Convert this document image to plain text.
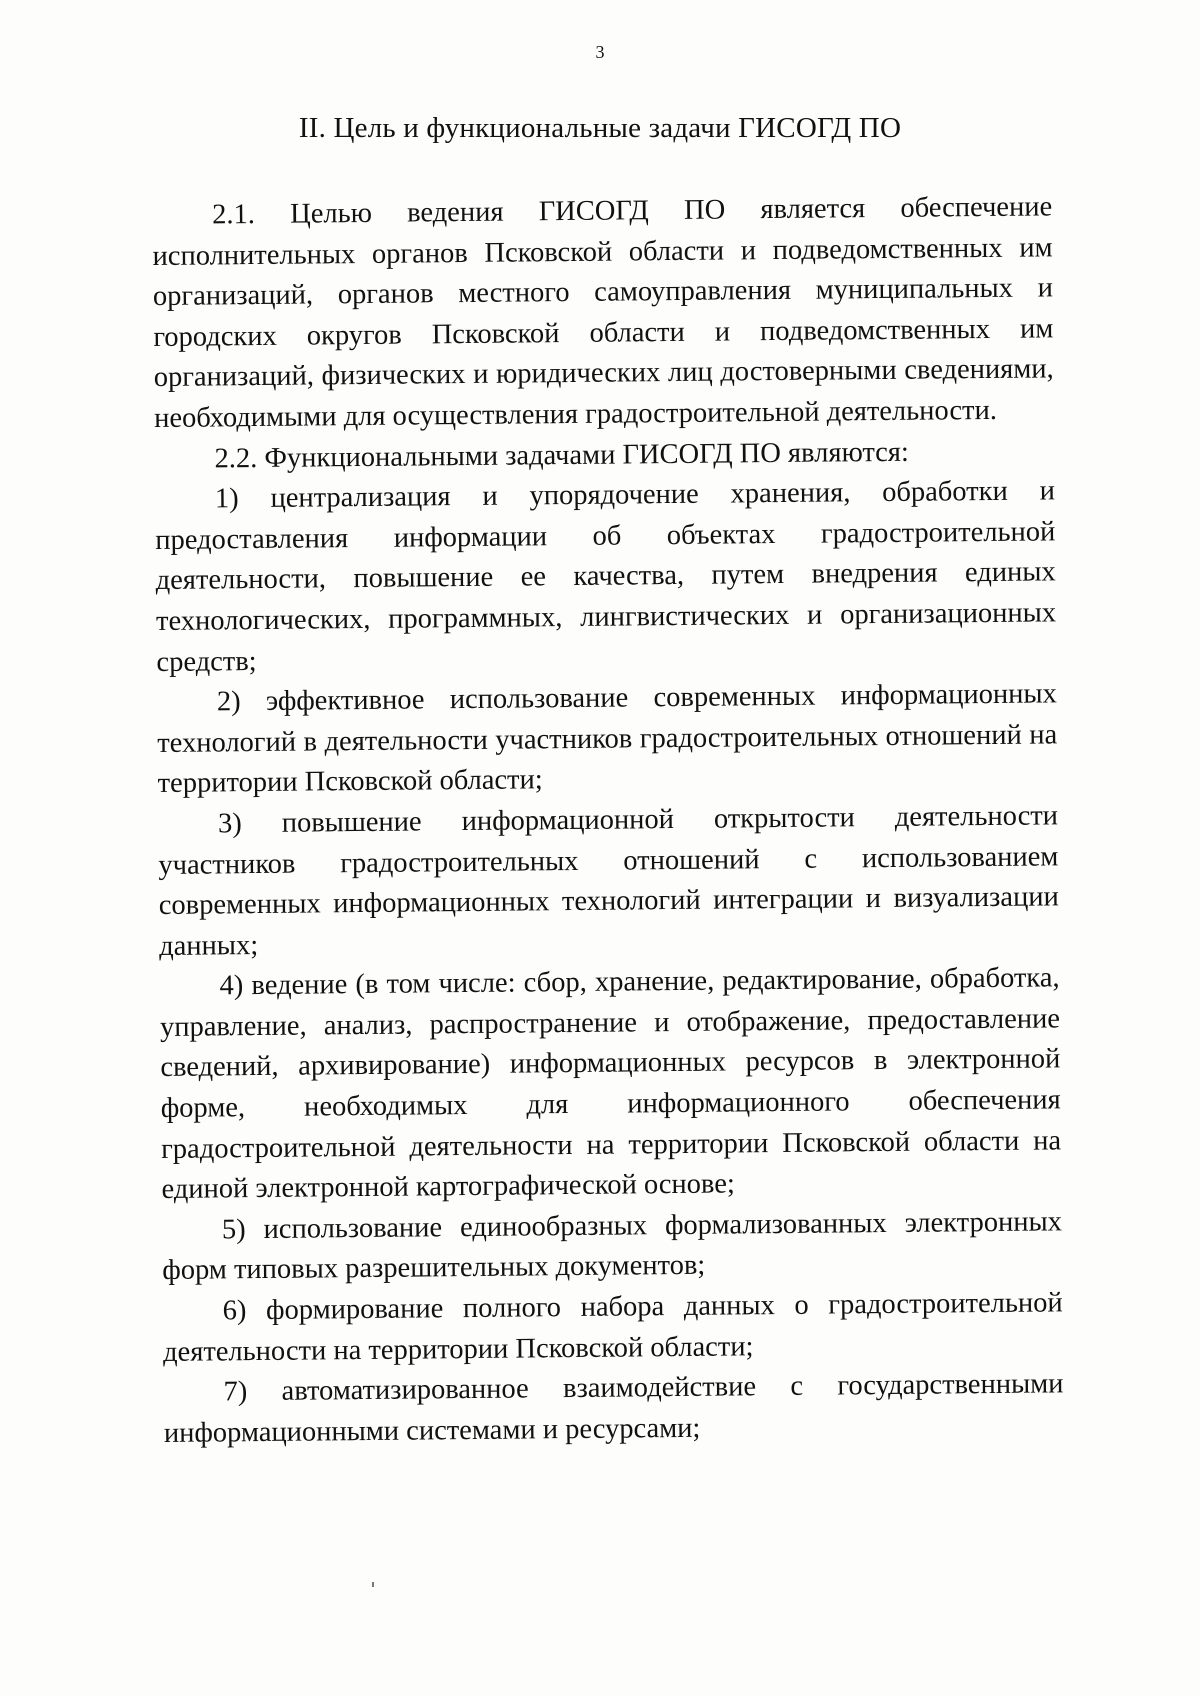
3
II. Цель и функциональные задачи ГИСОГД ПО

2.1. Целью ведения ГИСОГД ПО является обеспечение исполнительных органов Псковской области и подведомственных им организаций, органов местного самоуправления муниципальных и городских округов Псковской области и подведомственных им организаций, физических и юридических лиц достоверными сведениями, необходимыми для осуществления градостроительной деятельности.

2.2. Функциональными задачами ГИСОГД ПО являются:

1) централизация и упорядочение хранения, обработки и предоставления информации об объектах градостроительной деятельности, повышение ее качества, путем внедрения единых технологических, программных, лингвистических и организационных средств;

2) эффективное использование современных информационных технологий в деятельности участников градостроительных отношений на территории Псковской области;

3) повышение информационной открытости деятельности участников градостроительных отношений с использованием современных информационных технологий интеграции и визуализации данных;

4) ведение (в том числе: сбор, хранение, редактирование, обработка, управление, анализ, распространение и отображение, предоставление сведений, архивирование) информационных ресурсов в электронной форме, необходимых для информационного обеспечения градостроительной деятельности на территории Псковской области на единой электронной картографической основе;

5) использование единообразных формализованных электронных форм типовых разрешительных документов;

6) формирование полного набора данных о градостроительной деятельности на территории Псковской области;

7) автоматизированное взаимодействие с государственными информационными системами и ресурсами;
